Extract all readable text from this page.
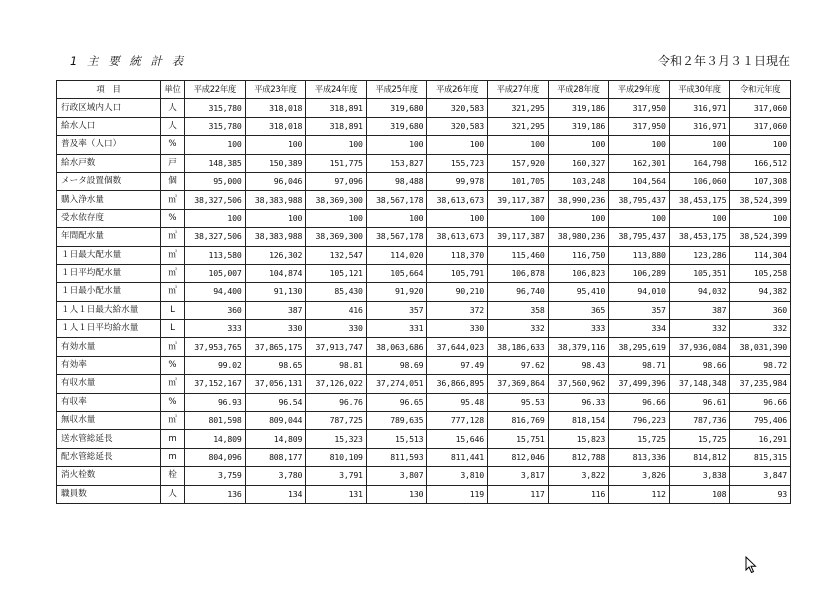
1 主 要 統 計 表	令和２年３月３１日現在
項　目	単位	平成22年度	平成23年度	平成24年度	平成25年度	平成26年度	平成27年度	平成28年度	平成29年度	平成30年度	令和元年度
行政区域内人口	人	315,780	318,018	318,891	319,680	320,583	321,295	319,186	317,950	316,971	317,060
給水人口	人	315,780	318,018	318,891	319,680	320,583	321,295	319,186	317,950	316,971	317,060
普及率（人口）	%	100	100	100	100	100	100	100	100	100	100
給水戸数	戸	148,385	150,389	151,775	153,827	155,723	157,920	160,327	162,301	164,798	166,512
メータ設置個数	個	95,000	96,046	97,096	98,488	99,978	101,705	103,248	104,564	106,060	107,308
購入浄水量	㎥	38,327,506	38,383,988	38,369,300	38,567,178	38,613,673	39,117,387	38,990,236	38,795,437	38,453,175	38,524,399
受水依存度	%	100	100	100	100	100	100	100	100	100	100
年間配水量	㎥	38,327,506	38,383,988	38,369,300	38,567,178	38,613,673	39,117,387	38,980,236	38,795,437	38,453,175	38,524,399
１日最大配水量	㎥	113,580	126,302	132,547	114,020	118,370	115,460	116,750	113,880	123,286	114,304
１日平均配水量	㎥	105,007	104,874	105,121	105,664	105,791	106,878	106,823	106,289	105,351	105,258
１日最小配水量	㎥	94,400	91,130	85,430	91,920	90,210	96,740	95,410	94,010	94,032	94,382
１人１日最大給水量	L	360	387	416	357	372	358	365	357	387	360
１人１日平均給水量	L	333	330	330	331	330	332	333	334	332	332
有効水量	㎥	37,953,765	37,865,175	37,913,747	38,063,686	37,644,023	38,186,633	38,379,116	38,295,619	37,936,084	38,031,390
有効率	%	99.02	98.65	98.81	98.69	97.49	97.62	98.43	98.71	98.66	98.72
有収水量	㎥	37,152,167	37,056,131	37,126,022	37,274,051	36,866,895	37,369,864	37,560,962	37,499,396	37,148,348	37,235,984
有収率	%	96.93	96.54	96.76	96.65	95.48	95.53	96.33	96.66	96.61	96.66
無収水量	㎥	801,598	809,044	787,725	789,635	777,128	816,769	818,154	796,223	787,736	795,406
送水管総延長	m	14,809	14,809	15,323	15,513	15,646	15,751	15,823	15,725	15,725	16,291
配水管総延長	m	804,096	808,177	810,109	811,593	811,441	812,046	812,788	813,336	814,812	815,315
消火栓数	栓	3,759	3,780	3,791	3,807	3,810	3,817	3,822	3,826	3,838	3,847
職員数	人	136	134	131	130	119	117	116	112	108	93
